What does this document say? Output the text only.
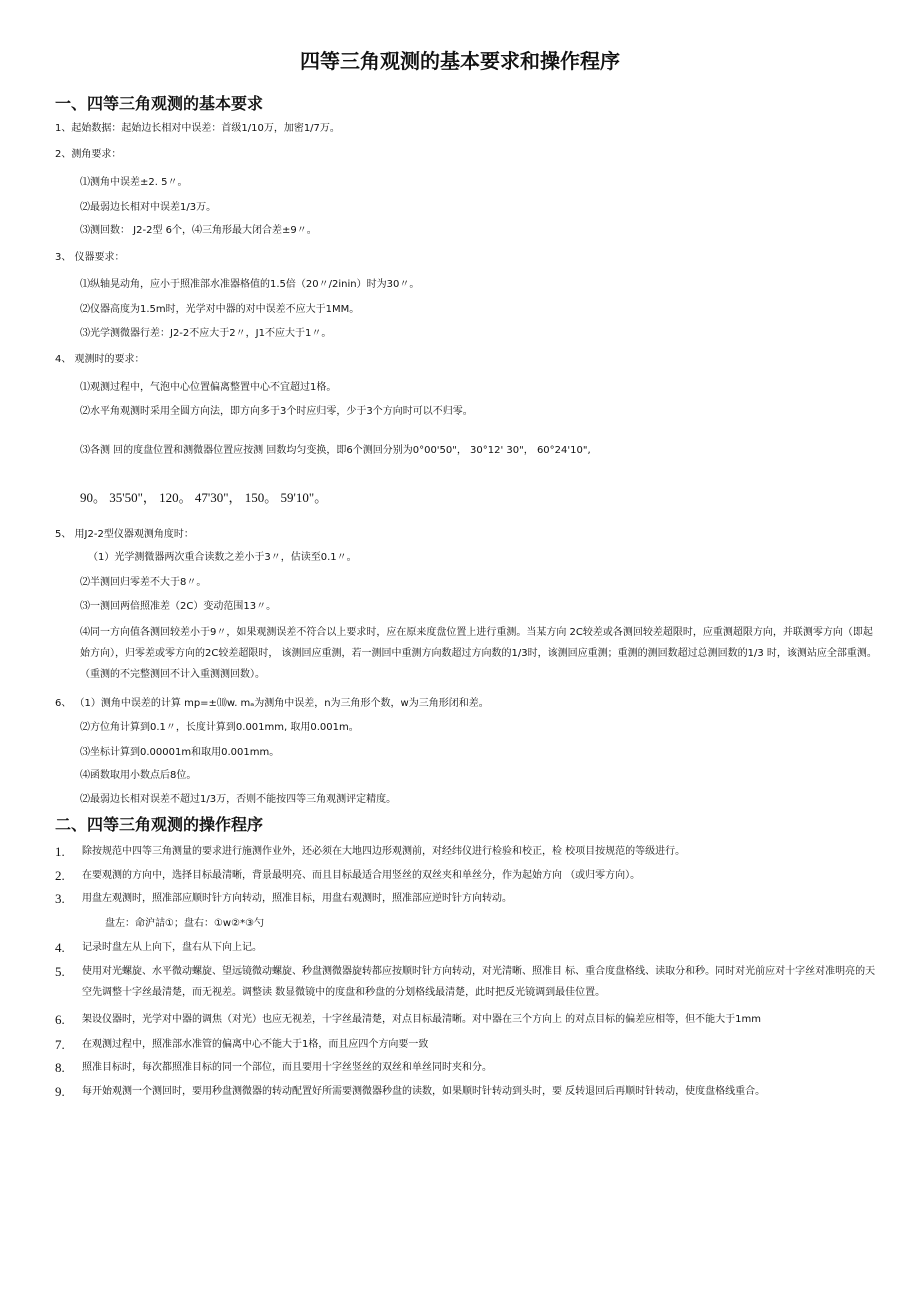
四等三角观测的基本要求和操作程序
一、四等三角观测的基本要求
1、起始数据：起始边长相对中误差：首级1/10万，加密1/7万。
2、测角要求：
⑴测角中误差±2. 5〃。
⑵最弱边长相对中误差1/3万。
⑶测回数： J2-2型 6个，⑷三角形最大闭合差±9〃。
3、 仪器要求：
⑴纵轴晃动角，应小于照准部水准器格值的1.5倍（20〃/2inin）时为30〃。
⑵仪器高度为1.5m时，光学对中器的对中误差不应大于1MM。
⑶光学测微器行差：J2-2不应大于2〃，J1不应大于1〃。
4、 观测时的要求：
⑴观测过程中，气泡中心位置偏离整置中心不宜超过1格。
⑵水平角观测时采用全圆方向法，即方向多于3个时应归零，少于3个方向时可以不归零。
⑶各测 回的度盘位置和测微器位置应按测 回数均匀变换，即6个测回分别为0°00'50"， 30°12' 30"， 60°24'10",
90。 35'50"， 120。 47'30"， 150。 59'10"。
5、 用J2-2型仪器观测角度时：
（1）光学测微器两次重合读数之差小于3〃，估读至0.1〃。
⑵半测回归零差不大于8〃。
⑶一测回两倍照准差（2C）变动范围13〃。
⑷同一方向值各测回较差小于9〃，如果观测误差不符合以上要求时，应在原来度盘位置上进行重测。当某方向 2C较差或各测回较差超限时，应重测超限方向，并联测零方向（即起始方向），归零差或零方向的2C较差超限时， 该测回应重测，若一测回中重测方向数超过方向数的1/3时，该测回应重测；重测的测回数超过总测回数的1/3 时，该测站应全部重测。（重测的不完整测回不计入重测测回数）。
6、 （1）测角中误差的计算 mp=±⑽w. mₐ为测角中误差，n为三角形个数，w为三角形闭和差。
⑵方位角计算到0.1〃，长度计算到0.001mm, 取用0.001m。
⑶坐标计算到0.00001m和取用0.001mm。
⑷函数取用小数点后8位。
⑵最弱边长相对误差不超过1/3万，否则不能按四等三角观测评定精度。
二、四等三角观测的操作程序
1. 除按规范中四等三角测量的要求进行施测作业外，还必须在大地四边形观测前，对经纬仪进行检验和校正，检 校项目按规范的等级进行。
2. 在要观测的方向中，选择目标最清晰，背景最明亮、而且目标最适合用竖丝的双丝夹和单丝分，作为起始方向 （或归零方向）。
3. 用盘左观测时，照准部应顺时针方向转动，照准目标，用盘右观测时，照准部应逆时针方向转动。
盘左：命沪詰①；盘右：①w②*③勺
4. 记录时盘左从上向下，盘右从下向上记。
5. 使用对光螺旋、水平微动螺旋、望远镜微动螺旋、秒盘测微器旋转都应按顺时针方向转动，对光清晰、照准目 标、重合度盘格线、读取分和秒。同时对光前应对十字丝对准明亮的天空先调整十字丝最清楚，而无视差。调整读 数显微镜中的度盘和秒盘的分划格线最清楚，此时把反光镜调到最佳位置。
6. 架设仪器时，光学对中器的调焦（对光）也应无视差，十字丝最清楚，对点目标最清晰。对中器在三个方向上 的对点目标的偏差应相等，但不能大于1mm
7. 在观测过程中，照准部水准管的偏离中心不能大于1格，而且应四个方向要一致
8. 照准目标时，每次都照准目标的同一个部位，而且要用十字丝竖丝的双丝和单丝同时夹和分。
9. 每开始观测一个测回时，要用秒盘测微器的转动配置好所需要测微器秒盘的读数，如果顺时针转动到头时，要 反转退回后再顺时针转动，使度盘格线重合。
